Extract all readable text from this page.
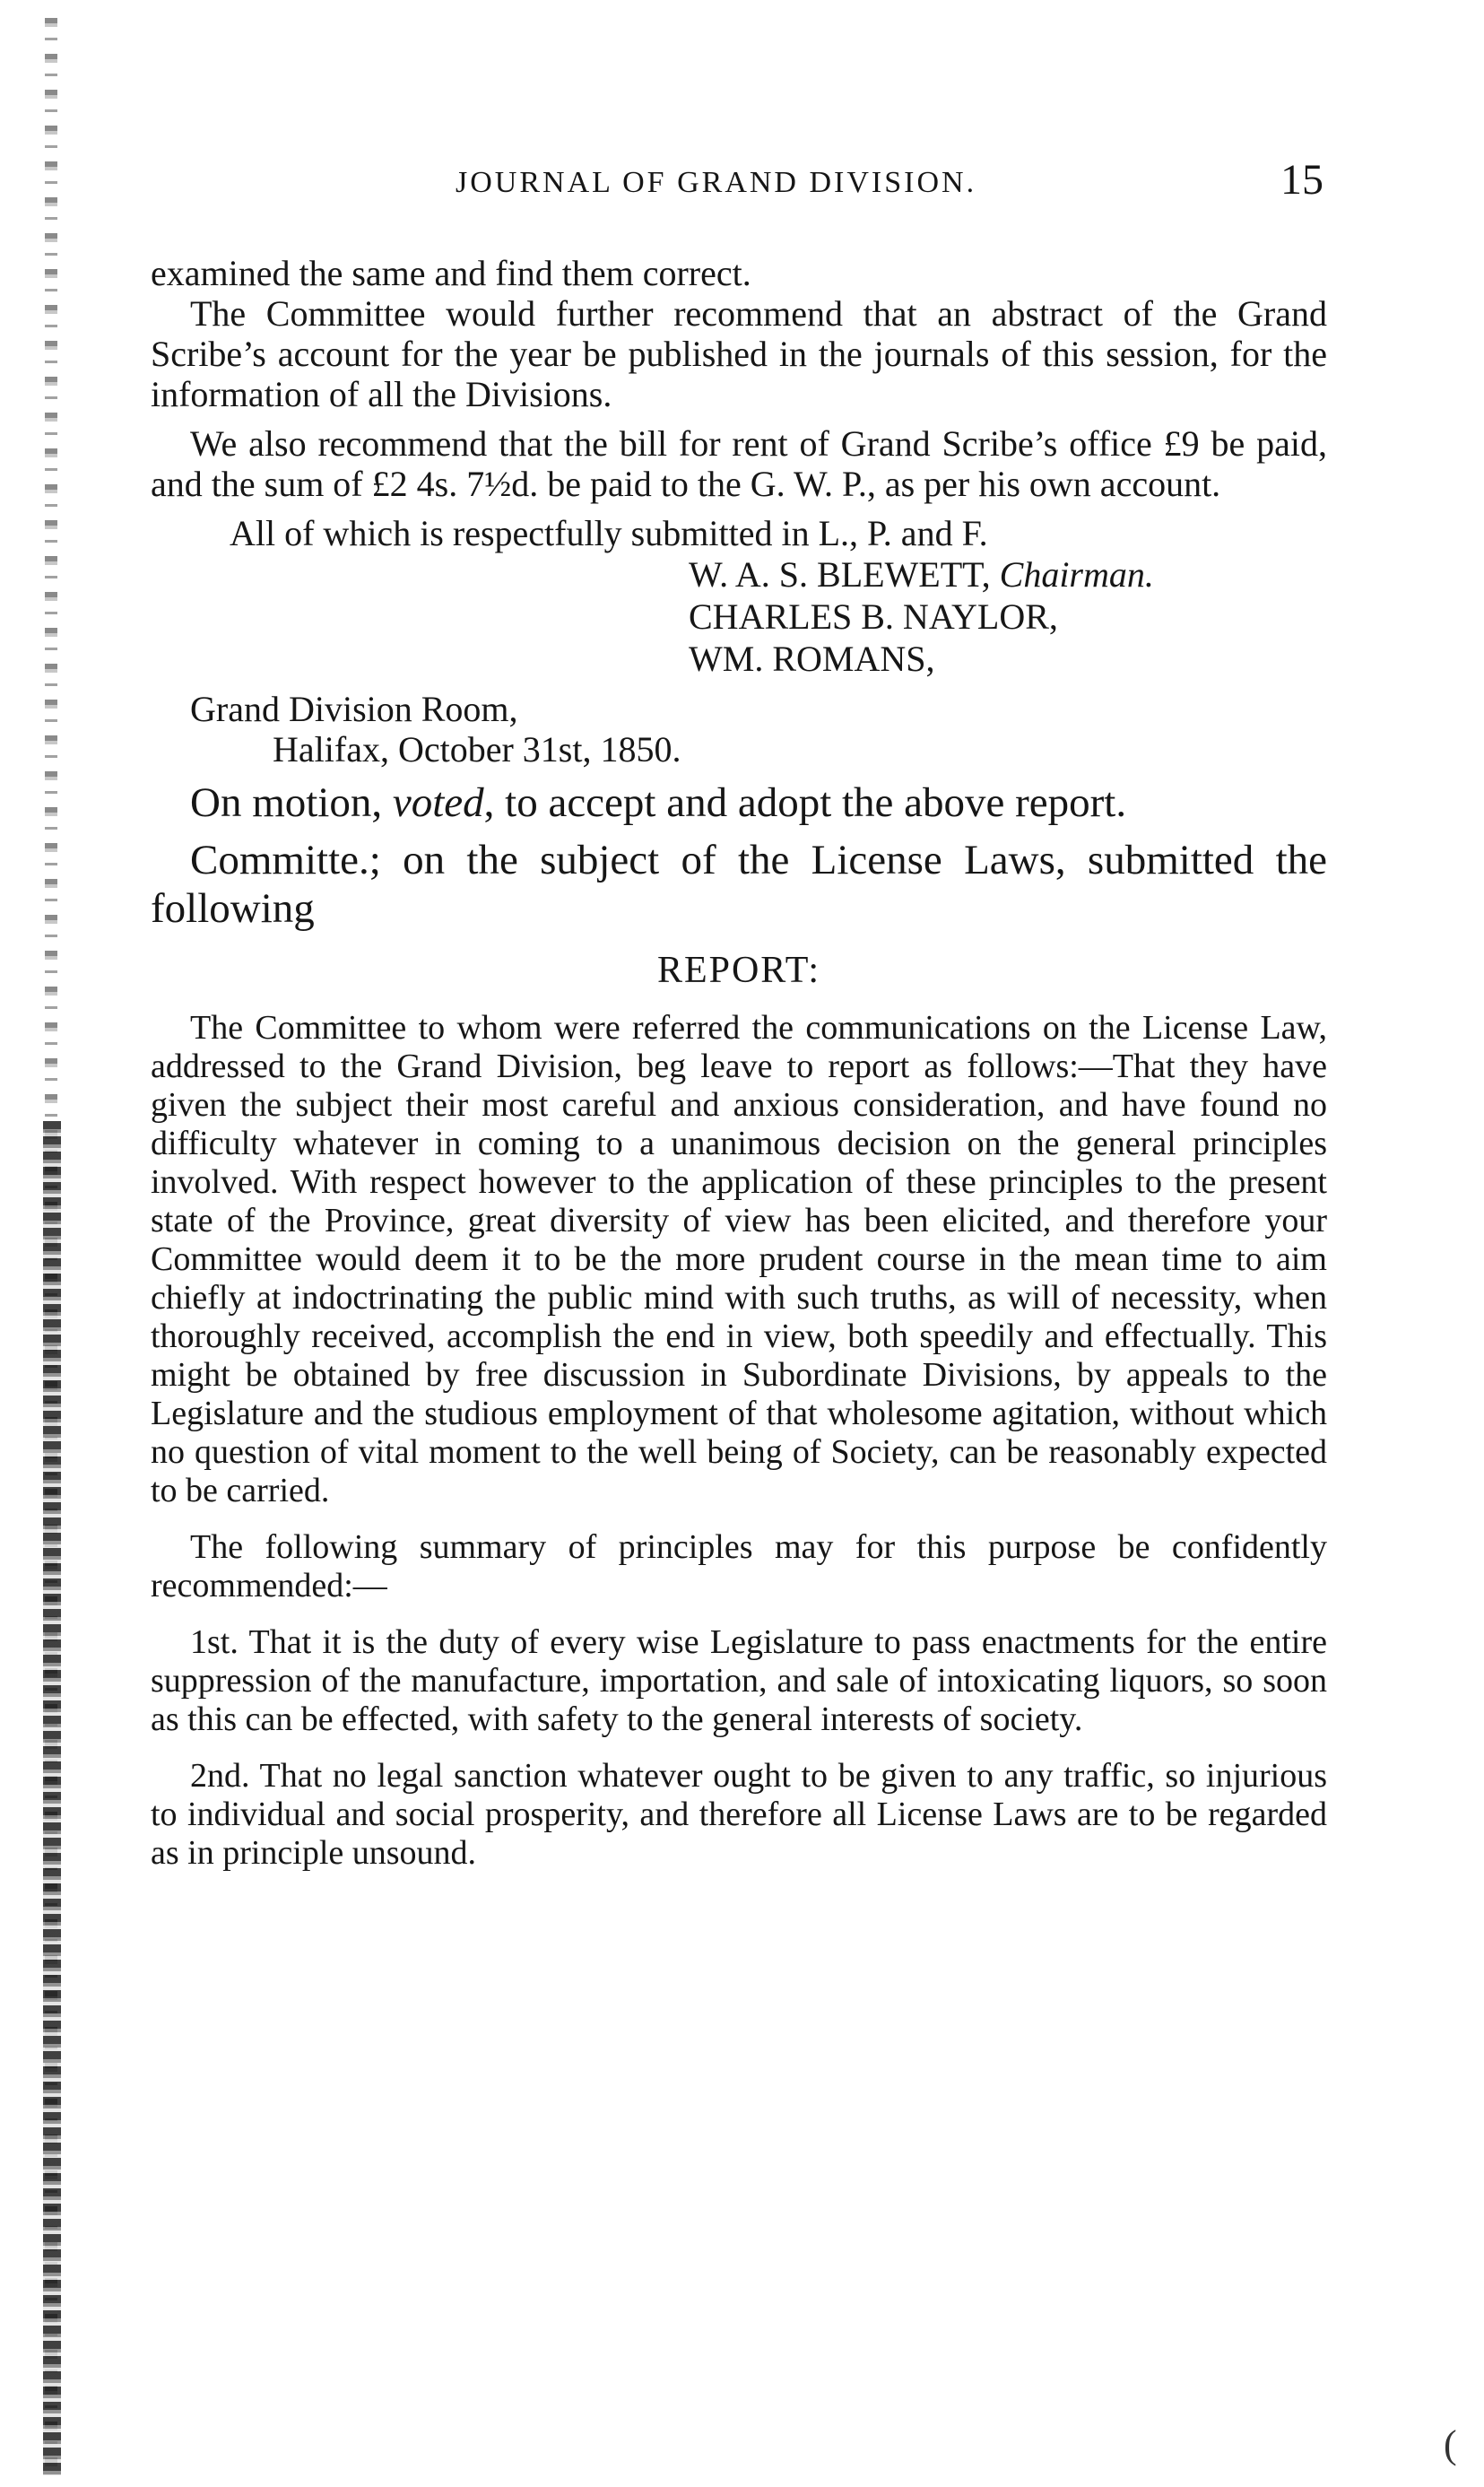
JOURNAL OF GRAND DIVISION.	15

examined the same and find them correct.

The Committee would further recommend that an abstract of the Grand Scribe’s account for the year be published in the journals of this session, for the information of all the Divisions.

We also recommend that the bill for rent of Grand Scribe’s office £9 be paid, and the sum of £2 4s. 7½d. be paid to the G. W. P., as per his own account.

All of which is respectfully submitted in L., P. and F.

W. A. S. BLEWETT, Chairman.

CHARLES B. NAYLOR,

WM. ROMANS,

Grand Division Room,

Halifax, October 31st, 1850.

On motion, voted, to accept and adopt the above report.

Committe.; on the subject of the License Laws, submitted the following

REPORT:

The Committee to whom were referred the communications on the License Law, addressed to the Grand Division, beg leave to report as follows:—That they have given the subject their most careful and anxious consideration, and have found no difficulty whatever in coming to a unanimous decision on the general principles involved. With respect however to the application of these principles to the present state of the Province, great diversity of view has been elicited, and therefore your Committee would deem it to be the more prudent course in the mean time to aim chiefly at indoctrinating the public mind with such truths, as will of necessity, when thoroughly received, accomplish the end in view, both speedily and effectually. This might be obtained by free discussion in Subordinate Divisions, by appeals to the Legislature and the studious employment of that wholesome agitation, without which no question of vital moment to the well being of Society, can be reasonably expected to be carried.

The following summary of principles may for this purpose be confidently recommended:—

1st. That it is the duty of every wise Legislature to pass enactments for the entire suppression of the manufacture, importation, and sale of intoxicating liquors, so soon as this can be effected, with safety to the general interests of society.

2nd. That no legal sanction whatever ought to be given to any traffic, so injurious to individual and social prosperity, and therefore all License Laws are to be regarded as in principle unsound.

(
